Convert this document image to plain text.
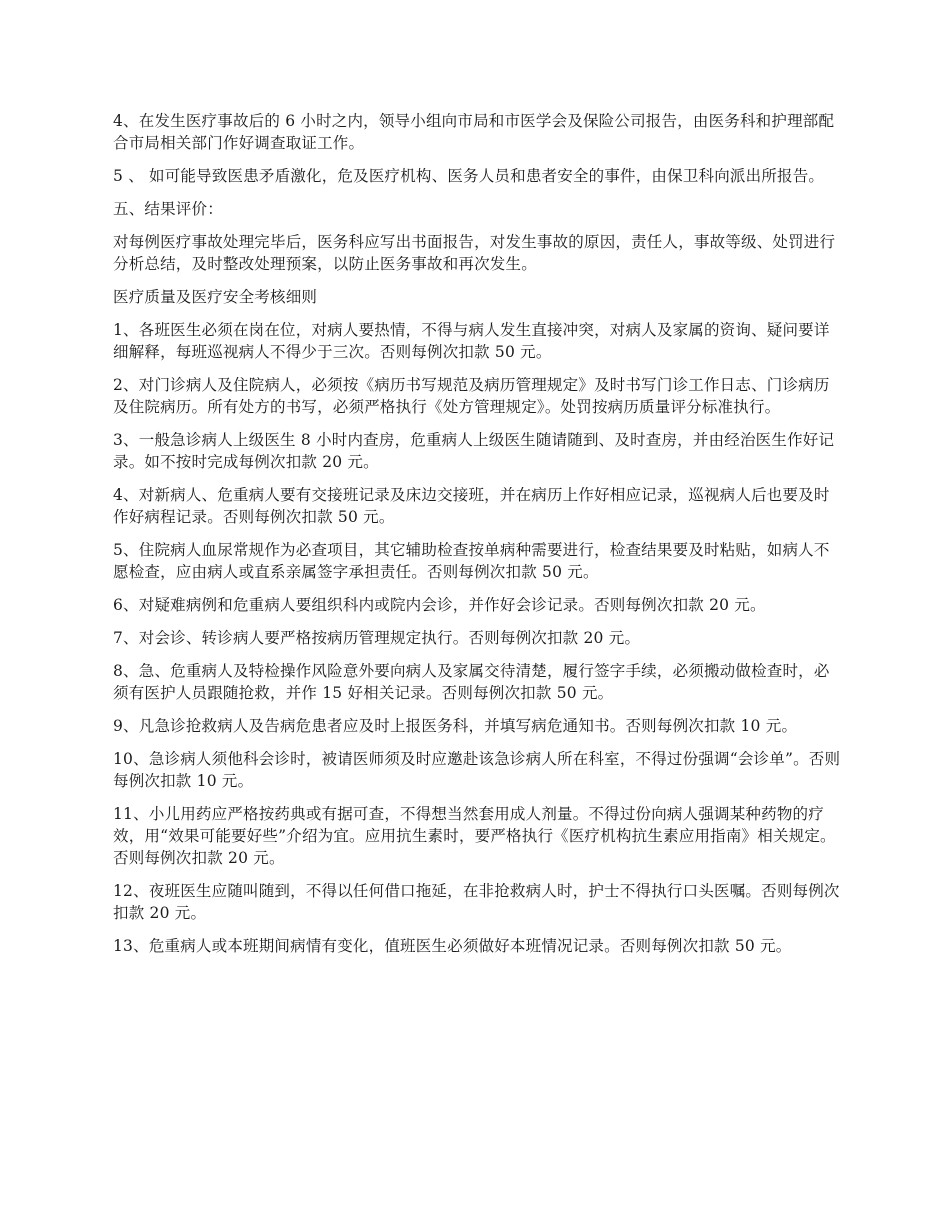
4、在发生医疗事故后的 6 小时之内，领导小组向市局和市医学会及保险公司报告，由医务科和护理部配合市局相关部门作好调查取证工作。

5 、 如可能导致医患矛盾激化，危及医疗机构、医务人员和患者安全的事件，由保卫科向派出所报告。

五、结果评价：

对每例医疗事故处理完毕后，医务科应写出书面报告，对发生事故的原因，责任人，事故等级、处罚进行分析总结，及时整改处理预案，以防止医务事故和再次发生。

医疗质量及医疗安全考核细则

1、各班医生必须在岗在位，对病人要热情，不得与病人发生直接冲突，对病人及家属的资询、疑问要详细解释，每班巡视病人不得少于三次。否则每例次扣款 50 元。

2、对门诊病人及住院病人，必须按《病历书写规范及病历管理规定》及时书写门诊工作日志、门诊病历及住院病历。所有处方的书写，必须严格执行《处方管理规定》。处罚按病历质量评分标准执行。

3、一般急诊病人上级医生 8 小时内查房，危重病人上级医生随请随到、及时查房，并由经治医生作好记录。如不按时完成每例次扣款 20 元。

4、对新病人、危重病人要有交接班记录及床边交接班，并在病历上作好相应记录，巡视病人后也要及时作好病程记录。否则每例次扣款 50 元。

5、住院病人血尿常规作为必查项目，其它辅助检查按单病种需要进行，检查结果要及时粘贴，如病人不愿检查，应由病人或直系亲属签字承担责任。否则每例次扣款 50 元。

6、对疑难病例和危重病人要组织科内或院内会诊，并作好会诊记录。否则每例次扣款 20 元。

7、对会诊、转诊病人要严格按病历管理规定执行。否则每例次扣款 20 元。

8、急、危重病人及特检操作风险意外要向病人及家属交待清楚，履行签字手续，必须搬动做检查时，必须有医护人员跟随抢救，并作 15 好相关记录。否则每例次扣款 50 元。

9、凡急诊抢救病人及告病危患者应及时上报医务科，并填写病危通知书。否则每例次扣款 10 元。

10、急诊病人须他科会诊时，被请医师须及时应邀赴该急诊病人所在科室，不得过份强调“会诊单”。否则每例次扣款 10 元。

11、小儿用药应严格按药典或有据可查，不得想当然套用成人剂量。不得过份向病人强调某种药物的疗效，用“效果可能要好些”介绍为宜。应用抗生素时，要严格执行《医疗机构抗生素应用指南》相关规定。否则每例次扣款 20 元。

12、夜班医生应随叫随到，不得以任何借口拖延，在非抢救病人时，护士不得执行口头医嘱。否则每例次扣款 20 元。

13、危重病人或本班期间病情有变化，值班医生必须做好本班情况记录。否则每例次扣款 50 元。
